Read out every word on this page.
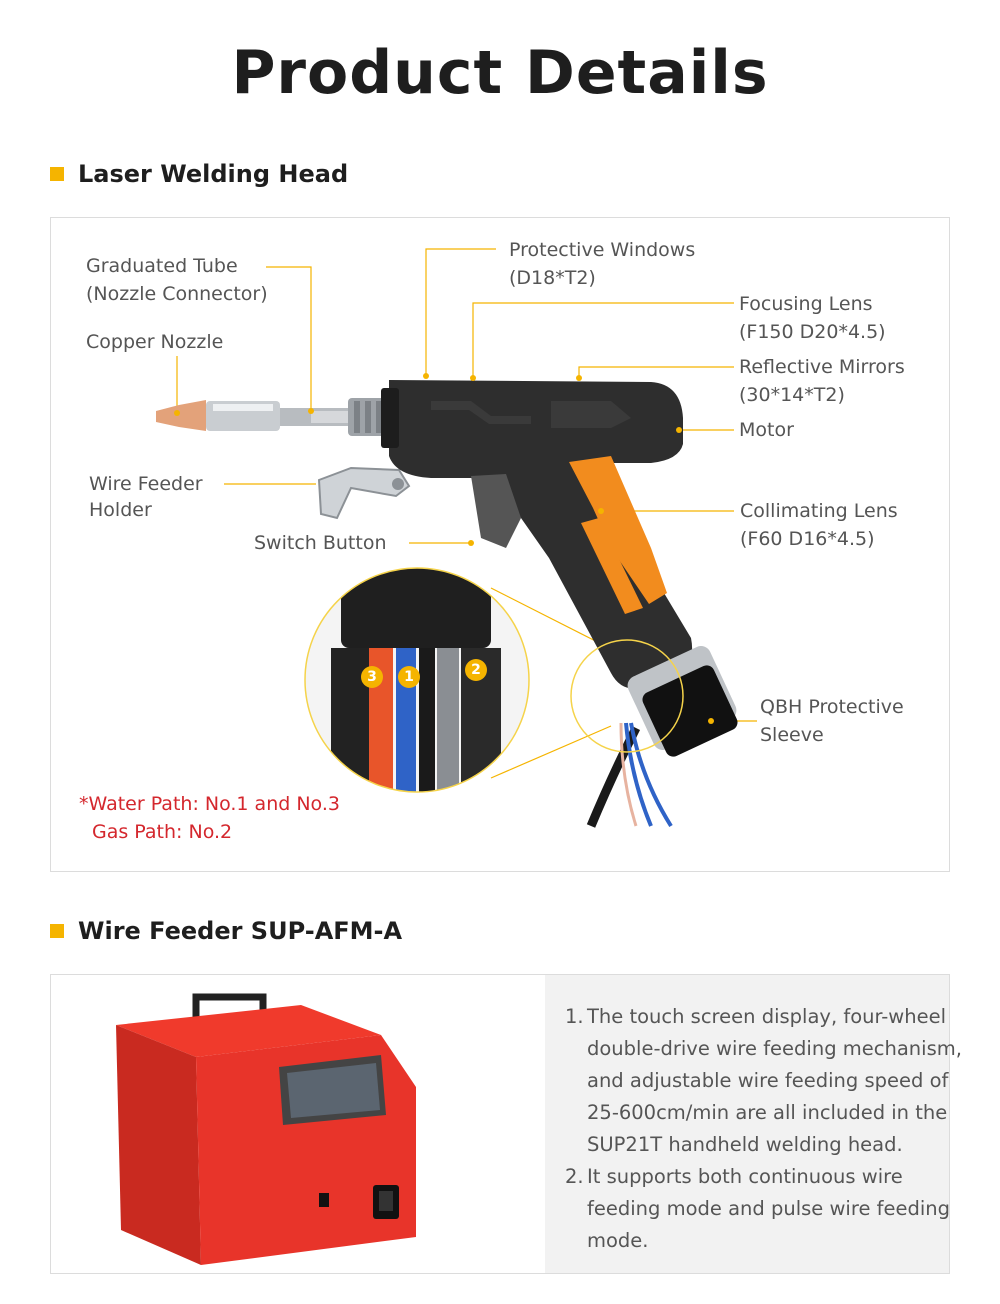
Product Details
Laser Welding Head
3	1	2
Graduated Tube
(Nozzle Connector)
Copper Nozzle
Wire Feeder
Holder
Switch Button
Protective Windows
(D18*T2)
Focusing Lens
(F150 D20*4.5)
Reflective Mirrors
(30*14*T2)
Motor
Collimating Lens
(F60 D16*4.5)
QBH Protective
Sleeve
*Water Path: No.1 and No.3
Gas Path: No.2
Wire Feeder SUP-AFM-A
1. The touch screen display, four-wheel double-drive wire feeding mechanism, and adjustable wire feeding speed of 25-600cm/min are all included in the SUP21T handheld welding head.
2. It supports both continuous wire feeding mode and pulse wire feeding mode.
